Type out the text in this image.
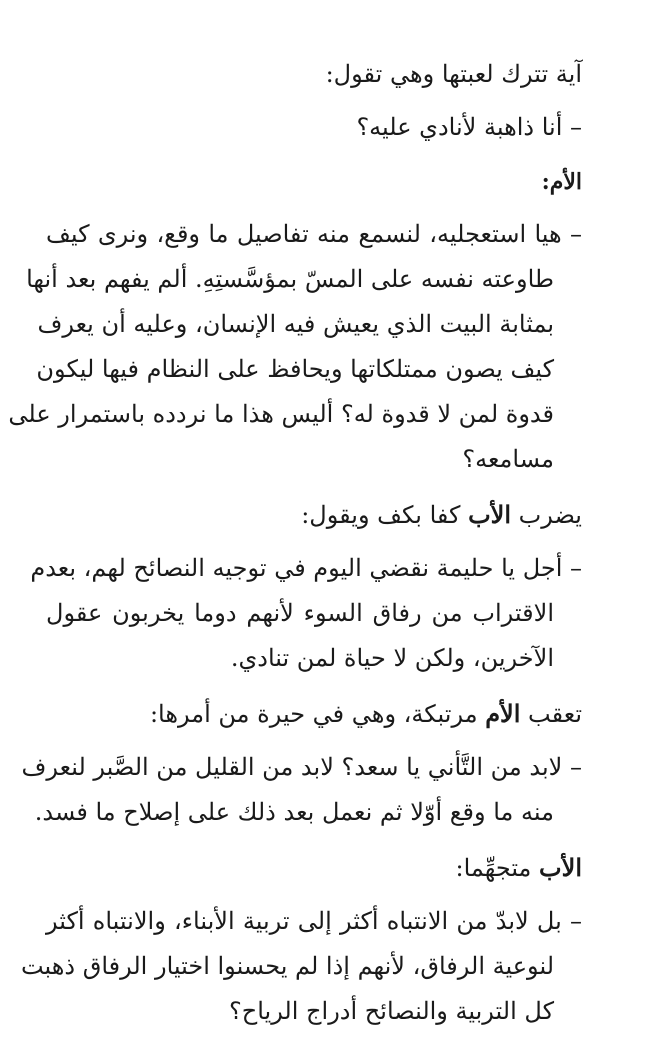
آية تترك لعبتها وهي تقول:
– أنا ذاهبة لأنادي عليه؟
الأم:
– هيا استعجليه، لنسمع منه تفاصيل ما وقع، ونرى كيف
طاوعته نفسه على المسّ بمؤسَّستِهِ. ألم يفهم بعد أنها
بمثابة البيت الذي يعيش فيه الإنسان، وعليه أن يعرف
كيف يصون ممتلكاتها ويحافظ على النظام فيها ليكون
قدوة لمن لا قدوة له؟ أليس هذا ما نردده باستمرار على
مسامعه؟
يضرب الأب كفا بكف ويقول:
– أجل يا حليمة نقضي اليوم في توجيه النصائح لهم، بعدم
الاقتراب من رفاق السوء لأنهم دوما يخربون عقول
الآخرين، ولكن لا حياة لمن تنادي.
تعقب الأم مرتبكة، وهي في حيرة من أمرها:
– لابد من التَّأني يا سعد؟ لابد من القليل من الصَّبر لنعرف
منه ما وقع أوّلا ثم نعمل بعد ذلك على إصلاح ما فسد.
الأب متجهِّما:
– بل لابدّ من الانتباه أكثر إلى تربية الأبناء، والانتباه أكثر
لنوعية الرفاق، لأنهم إذا لم يحسنوا اختيار الرفاق ذهبت
كل التربية والنصائح أدراج الرياح؟
